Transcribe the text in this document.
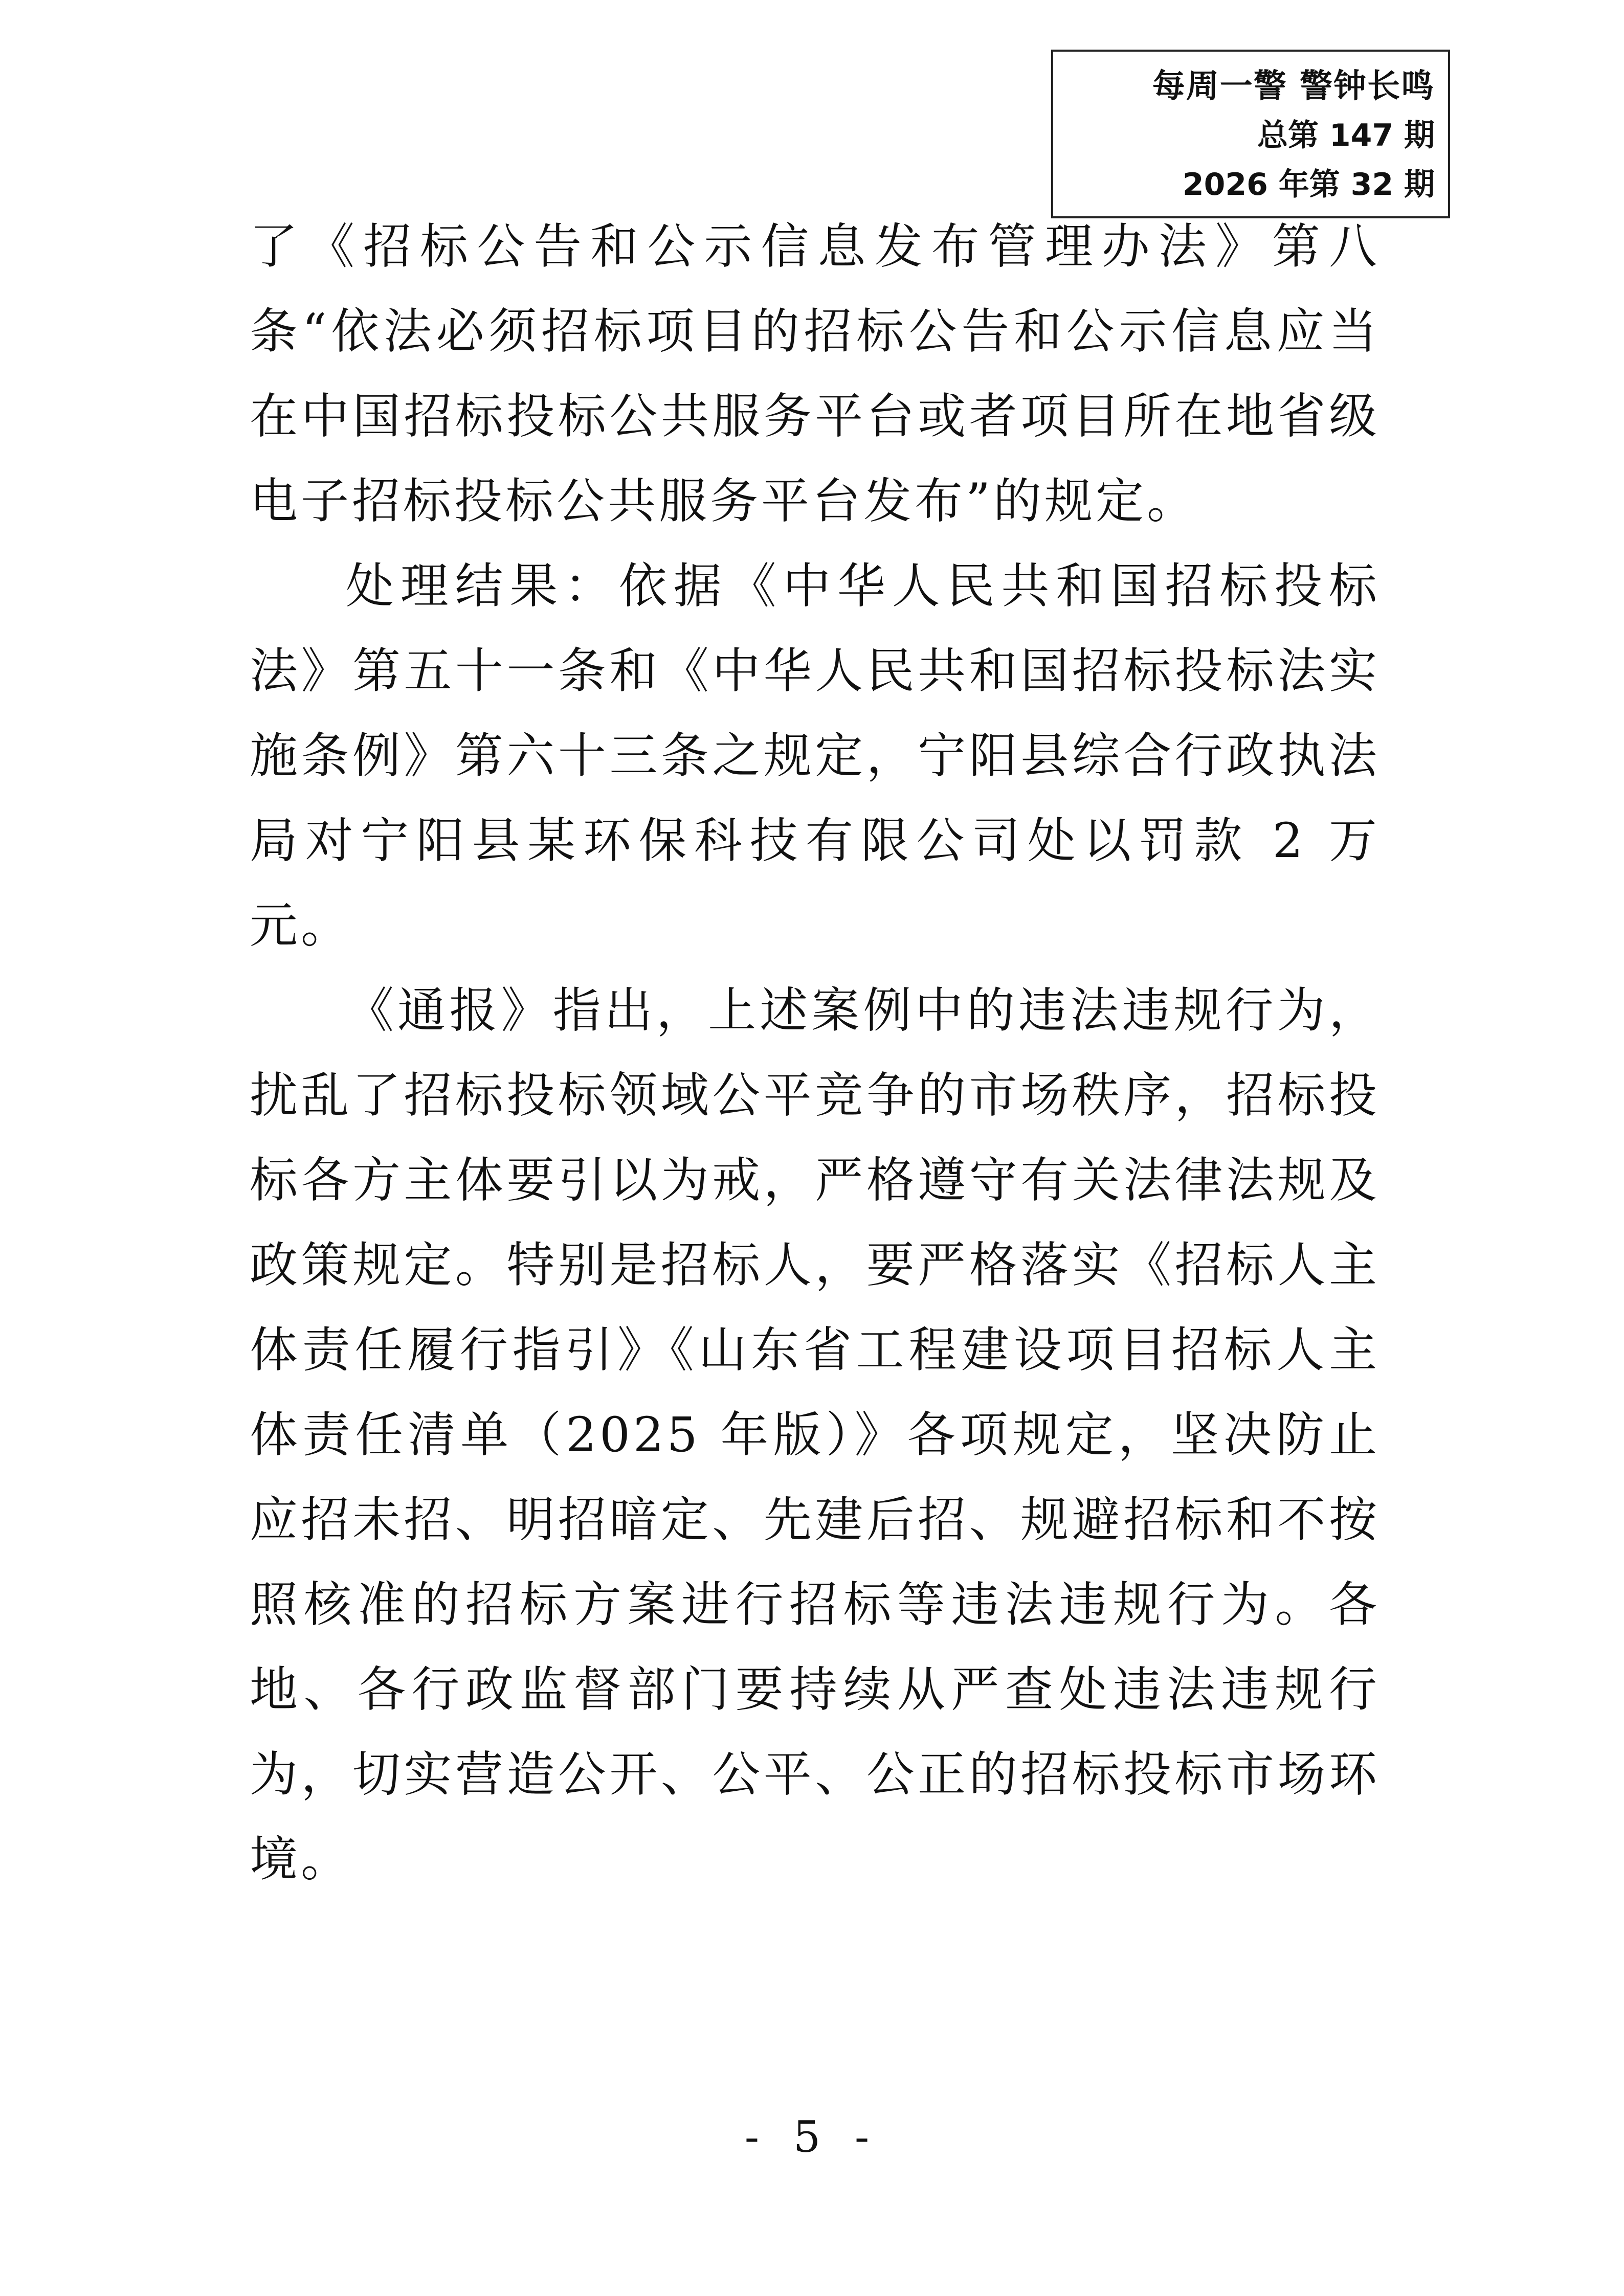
每周一警 警钟长鸣
总第 147 期
2026 年第 32 期

了《招标公告和公示信息发布管理办法》第八条“依法必须招标项目的招标公告和公示信息应当在中国招标投标公共服务平台或者项目所在地省级电子招标投标公共服务平台发布”的规定。

处理结果：依据《中华人民共和国招标投标法》第五十一条和《中华人民共和国招标投标法实施条例》第六十三条之规定，宁阳县综合行政执法局对宁阳县某环保科技有限公司处以罚款 2 万元。

《通报》指出，上述案例中的违法违规行为，扰乱了招标投标领域公平竞争的市场秩序，招标投标各方主体要引以为戒，严格遵守有关法律法规及政策规定。特别是招标人，要严格落实《招标人主体责任履行指引》《山东省工程建设项目招标人主体责任清单（2025 年版）》各项规定，坚决防止应招未招、明招暗定、先建后招、规避招标和不按照核准的招标方案进行招标等违法违规行为。各地、各行政监督部门要持续从严查处违法违规行为，切实营造公开、公平、公正的招标投标市场环境。

- 5 -
